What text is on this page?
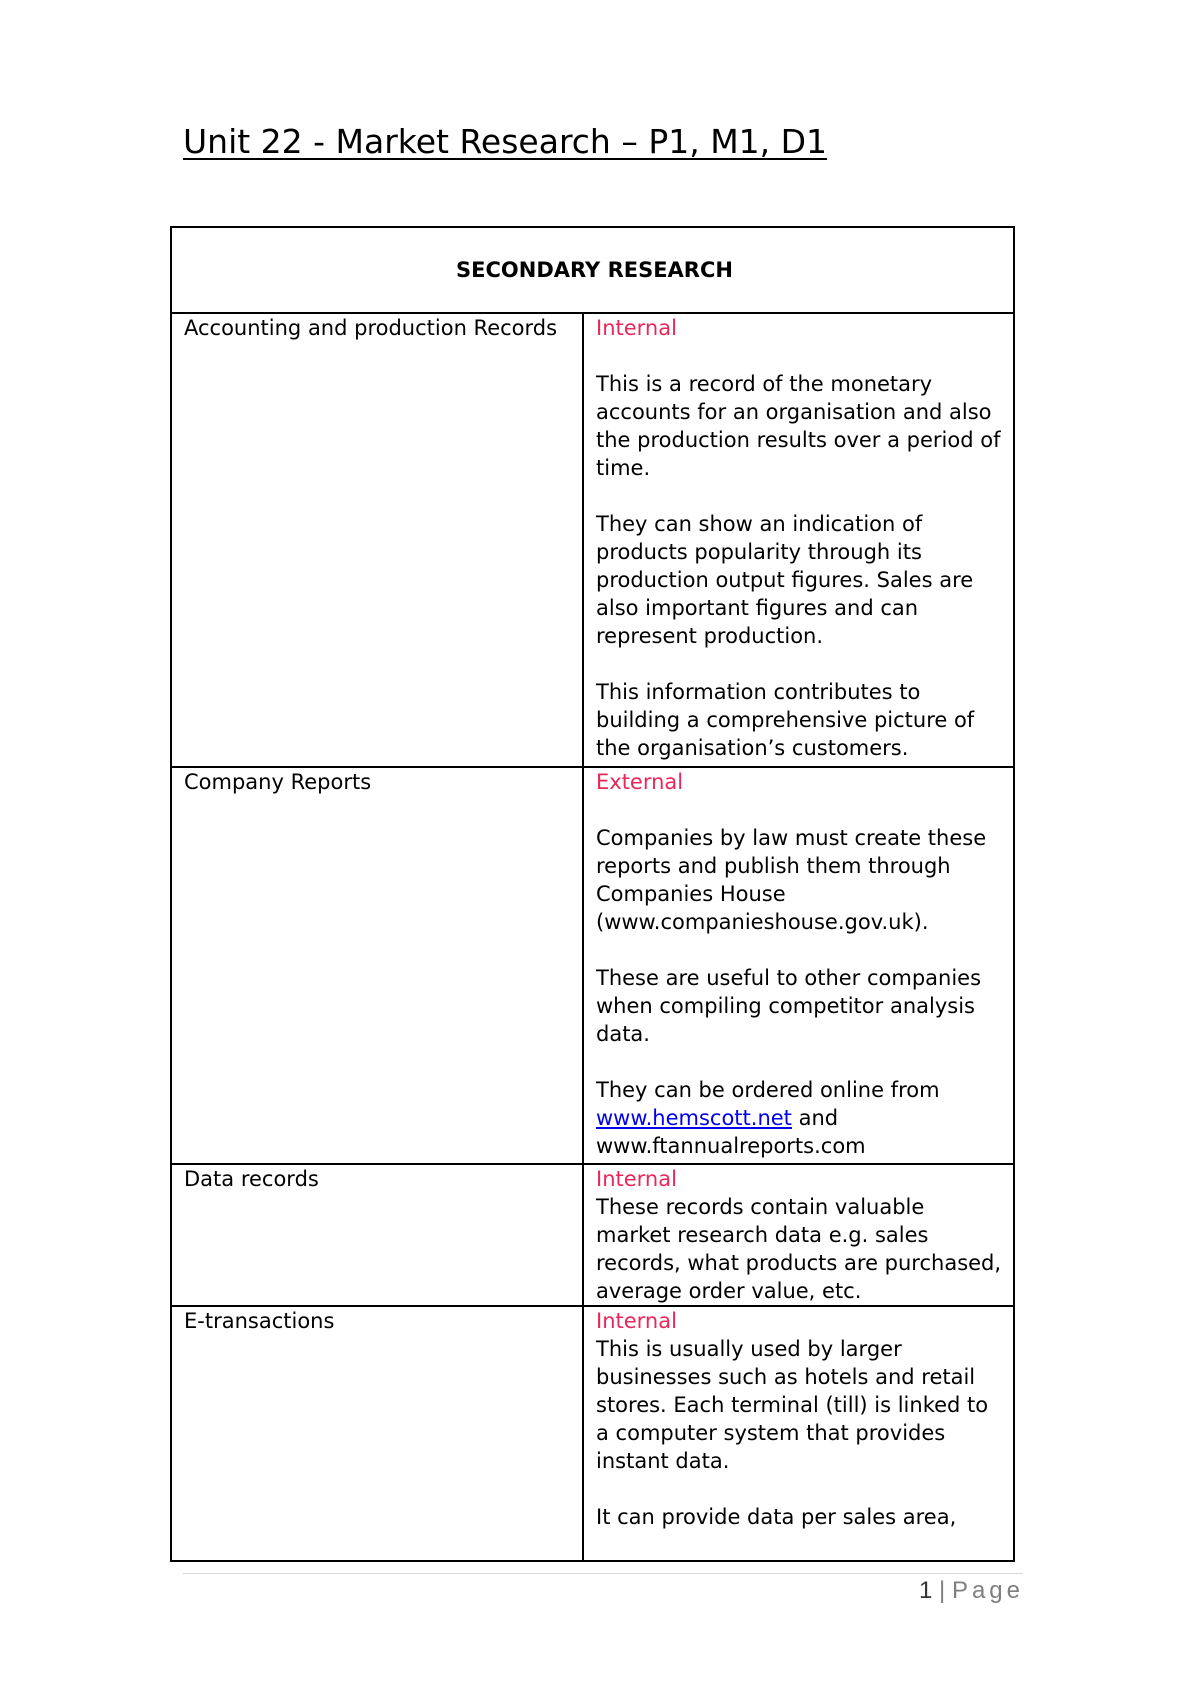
Unit 22 - Market Research – P1, M1, D1
SECONDARY RESEARCH	

Accounting and production Records	Internal
This is a record of the monetary accounts for an organisation and also the production results over a period of time.
They can show an indication of products popularity through its production output figures. Sales are also important figures and can represent production.
This information contributes to building a comprehensive picture of the organisation’s customers.

Company Reports	External
Companies by law must create these reports and publish them through Companies House (www.companieshouse.gov.uk).
These are useful to other companies when compiling competitor analysis data.
They can be ordered online from www.hemscott.net and www.ftannualreports.com

Data records	Internal
These records contain valuable market research data e.g. sales records, what products are purchased, average order value, etc.

E-transactions	Internal
This is usually used by larger businesses such as hotels and retail stores. Each terminal (till) is linked to a computer system that provides instant data.
It can provide data per sales area,
1 | Page
